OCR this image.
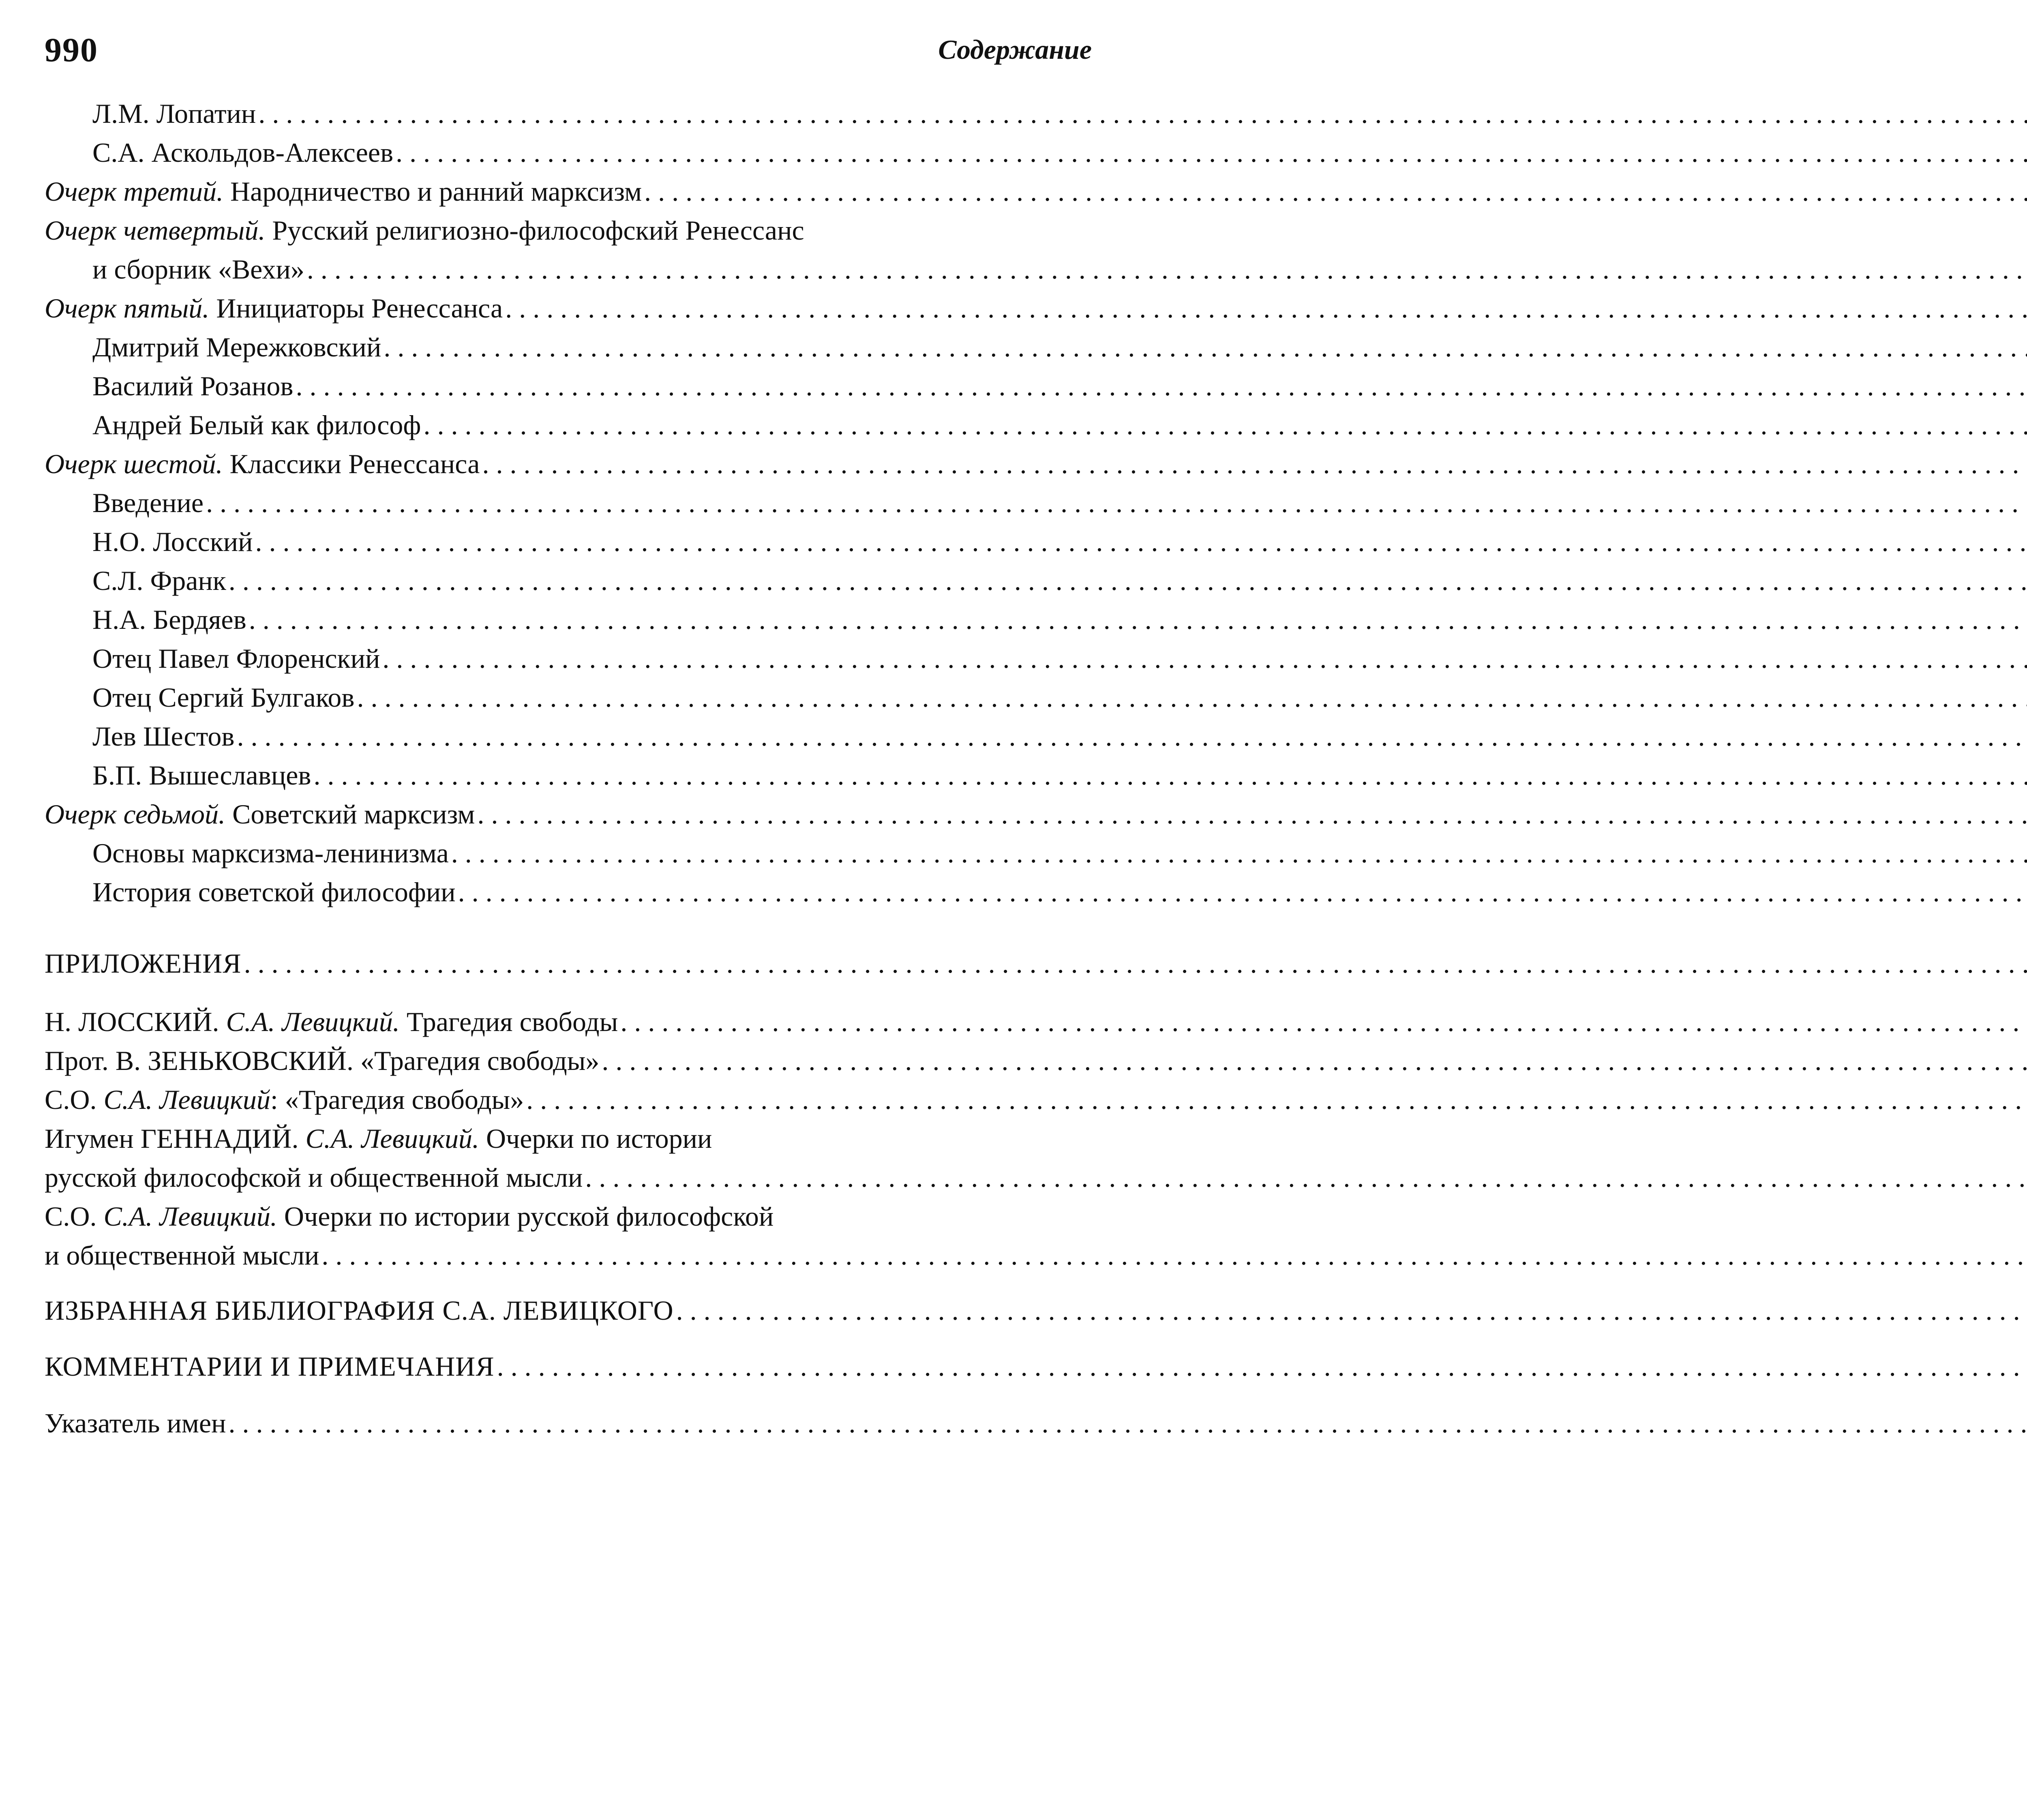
990	Содержание
Л.М. Лопатин
. . .
С.А. Аскольдов-Алексеев
. . .
Очерк третий. Народничество и ранний марксизм
. . .
Очерк четвертый. Русский религиозно-философский Ренессанс
и сборник «Вехи»
. . .
Очерк пятый. Инициаторы Ренессанса
. . .
Дмитрий Мережковский
. . .
Василий Розанов
. . .
Андрей Белый как философ
. . .
Очерк шестой. Классики Ренессанса
. . .
Введение
. . .
Н.О. Лосский
. . .
С.Л. Франк
. . .
Н.А. Бердяев
. . .
Отец Павел Флоренский
. . .
Отец Сергий Булгаков
. . .
Лев Шестов
. . .
Б.П. Вышеславцев
. . .
Очерк седьмой. Советский марксизм
. . .
Основы марксизма-ленинизма
. . .
История советской философии
. . .
ПРИЛОЖЕНИЯ
. . .
Н. ЛОССКИЙ. С.А. Левицкий. Трагедия свободы
. . .
Прот. В. ЗЕНЬКОВСКИЙ. «Трагедия свободы»
. . .
С.О. С.А. Левицкий: «Трагедия свободы»
. . .
Игумен ГЕННАДИЙ. С.А. Левицкий. Очерки по истории
русской философской и общественной мысли
. . .
С.О. С.А. Левицкий. Очерки по истории русской философской
и общественной мысли
. . .
ИЗБРАННАЯ БИБЛИОГРАФИЯ С.А. ЛЕВИЦКОГО
. . .
КОММЕНТАРИИ И ПРИМЕЧАНИЯ
. . .
Указатель имен
. . .
